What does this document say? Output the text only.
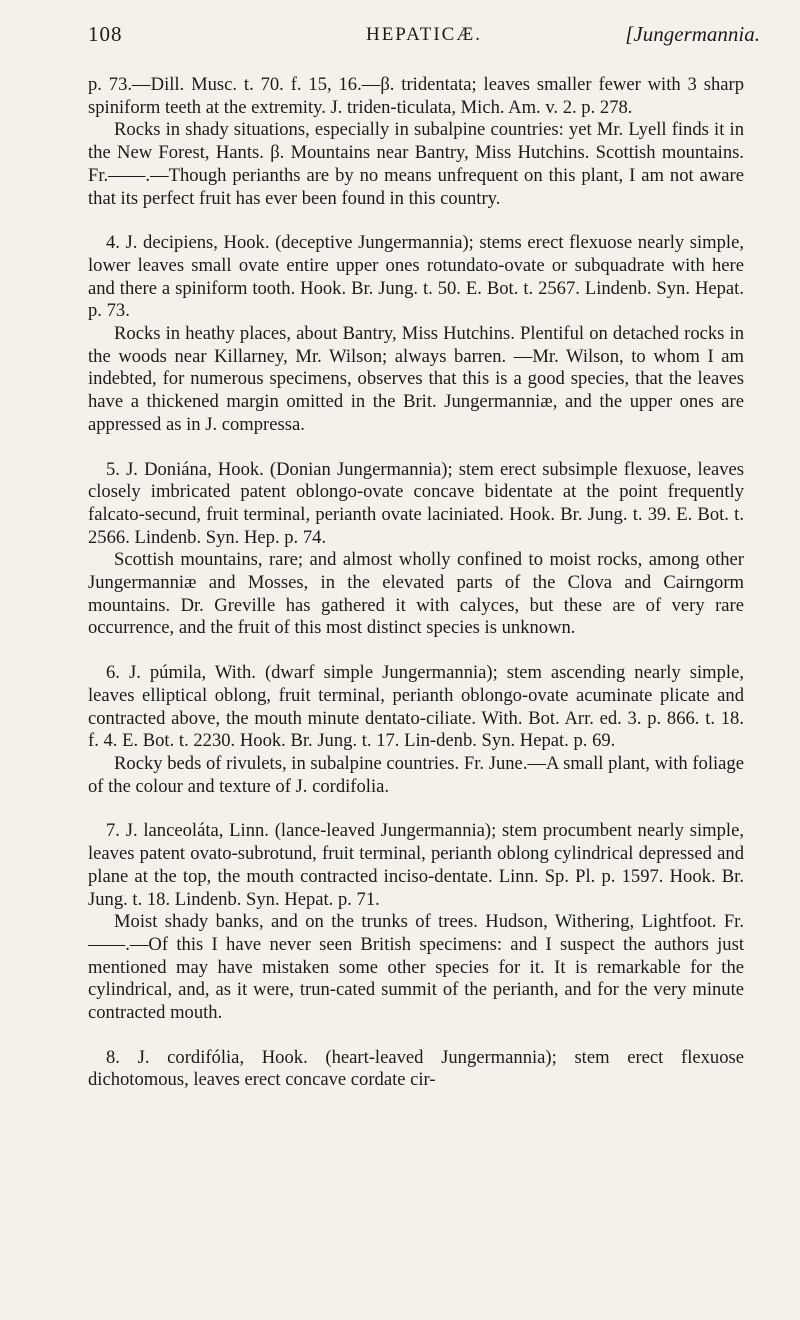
108	HEPATICÆ.	[Jungermannia.

p. 73.—Dill. Musc. t. 70. f. 15, 16.—β. tridentata; leaves smaller fewer with 3 sharp spiniform teeth at the extremity. J. triden-ticulata, Mich. Am. v. 2. p. 278.

Rocks in shady situations, especially in subalpine countries: yet Mr. Lyell finds it in the New Forest, Hants. β. Mountains near Bantry, Miss Hutchins. Scottish mountains. Fr.——.—Though perianths are by no means unfrequent on this plant, I am not aware that its perfect fruit has ever been found in this country.

4. J. decipiens, Hook. (deceptive Jungermannia); stems erect flexuose nearly simple, lower leaves small ovate entire upper ones rotundato-ovate or subquadrate with here and there a spiniform tooth. Hook. Br. Jung. t. 50. E. Bot. t. 2567. Lindenb. Syn. Hepat. p. 73.

Rocks in heathy places, about Bantry, Miss Hutchins. Plentiful on detached rocks in the woods near Killarney, Mr. Wilson; always barren. —Mr. Wilson, to whom I am indebted, for numerous specimens, observes that this is a good species, that the leaves have a thickened margin omitted in the Brit. Jungermanniæ, and the upper ones are appressed as in J. compressa.

5. J. Doniána, Hook. (Donian Jungermannia); stem erect subsimple flexuose, leaves closely imbricated patent oblongo-ovate concave bidentate at the point frequently falcato-secund, fruit terminal, perianth ovate laciniated. Hook. Br. Jung. t. 39. E. Bot. t. 2566. Lindenb. Syn. Hep. p. 74.

Scottish mountains, rare; and almost wholly confined to moist rocks, among other Jungermanniæ and Mosses, in the elevated parts of the Clova and Cairngorm mountains. Dr. Greville has gathered it with calyces, but these are of very rare occurrence, and the fruit of this most distinct species is unknown.

6. J. púmila, With. (dwarf simple Jungermannia); stem ascending nearly simple, leaves elliptical oblong, fruit terminal, perianth oblongo-ovate acuminate plicate and contracted above, the mouth minute dentato-ciliate. With. Bot. Arr. ed. 3. p. 866. t. 18. f. 4. E. Bot. t. 2230. Hook. Br. Jung. t. 17. Lin-denb. Syn. Hepat. p. 69.

Rocky beds of rivulets, in subalpine countries. Fr. June.—A small plant, with foliage of the colour and texture of J. cordifolia.

7. J. lanceoláta, Linn. (lance-leaved Jungermannia); stem procumbent nearly simple, leaves patent ovato-subrotund, fruit terminal, perianth oblong cylindrical depressed and plane at the top, the mouth contracted inciso-dentate. Linn. Sp. Pl. p. 1597. Hook. Br. Jung. t. 18. Lindenb. Syn. Hepat. p. 71.

Moist shady banks, and on the trunks of trees. Hudson, Withering, Lightfoot. Fr. ——.—Of this I have never seen British specimens: and I suspect the authors just mentioned may have mistaken some other species for it. It is remarkable for the cylindrical, and, as it were, trun-cated summit of the perianth, and for the very minute contracted mouth.

8. J. cordifólia, Hook. (heart-leaved Jungermannia); stem erect flexuose dichotomous, leaves erect concave cordate cir-
